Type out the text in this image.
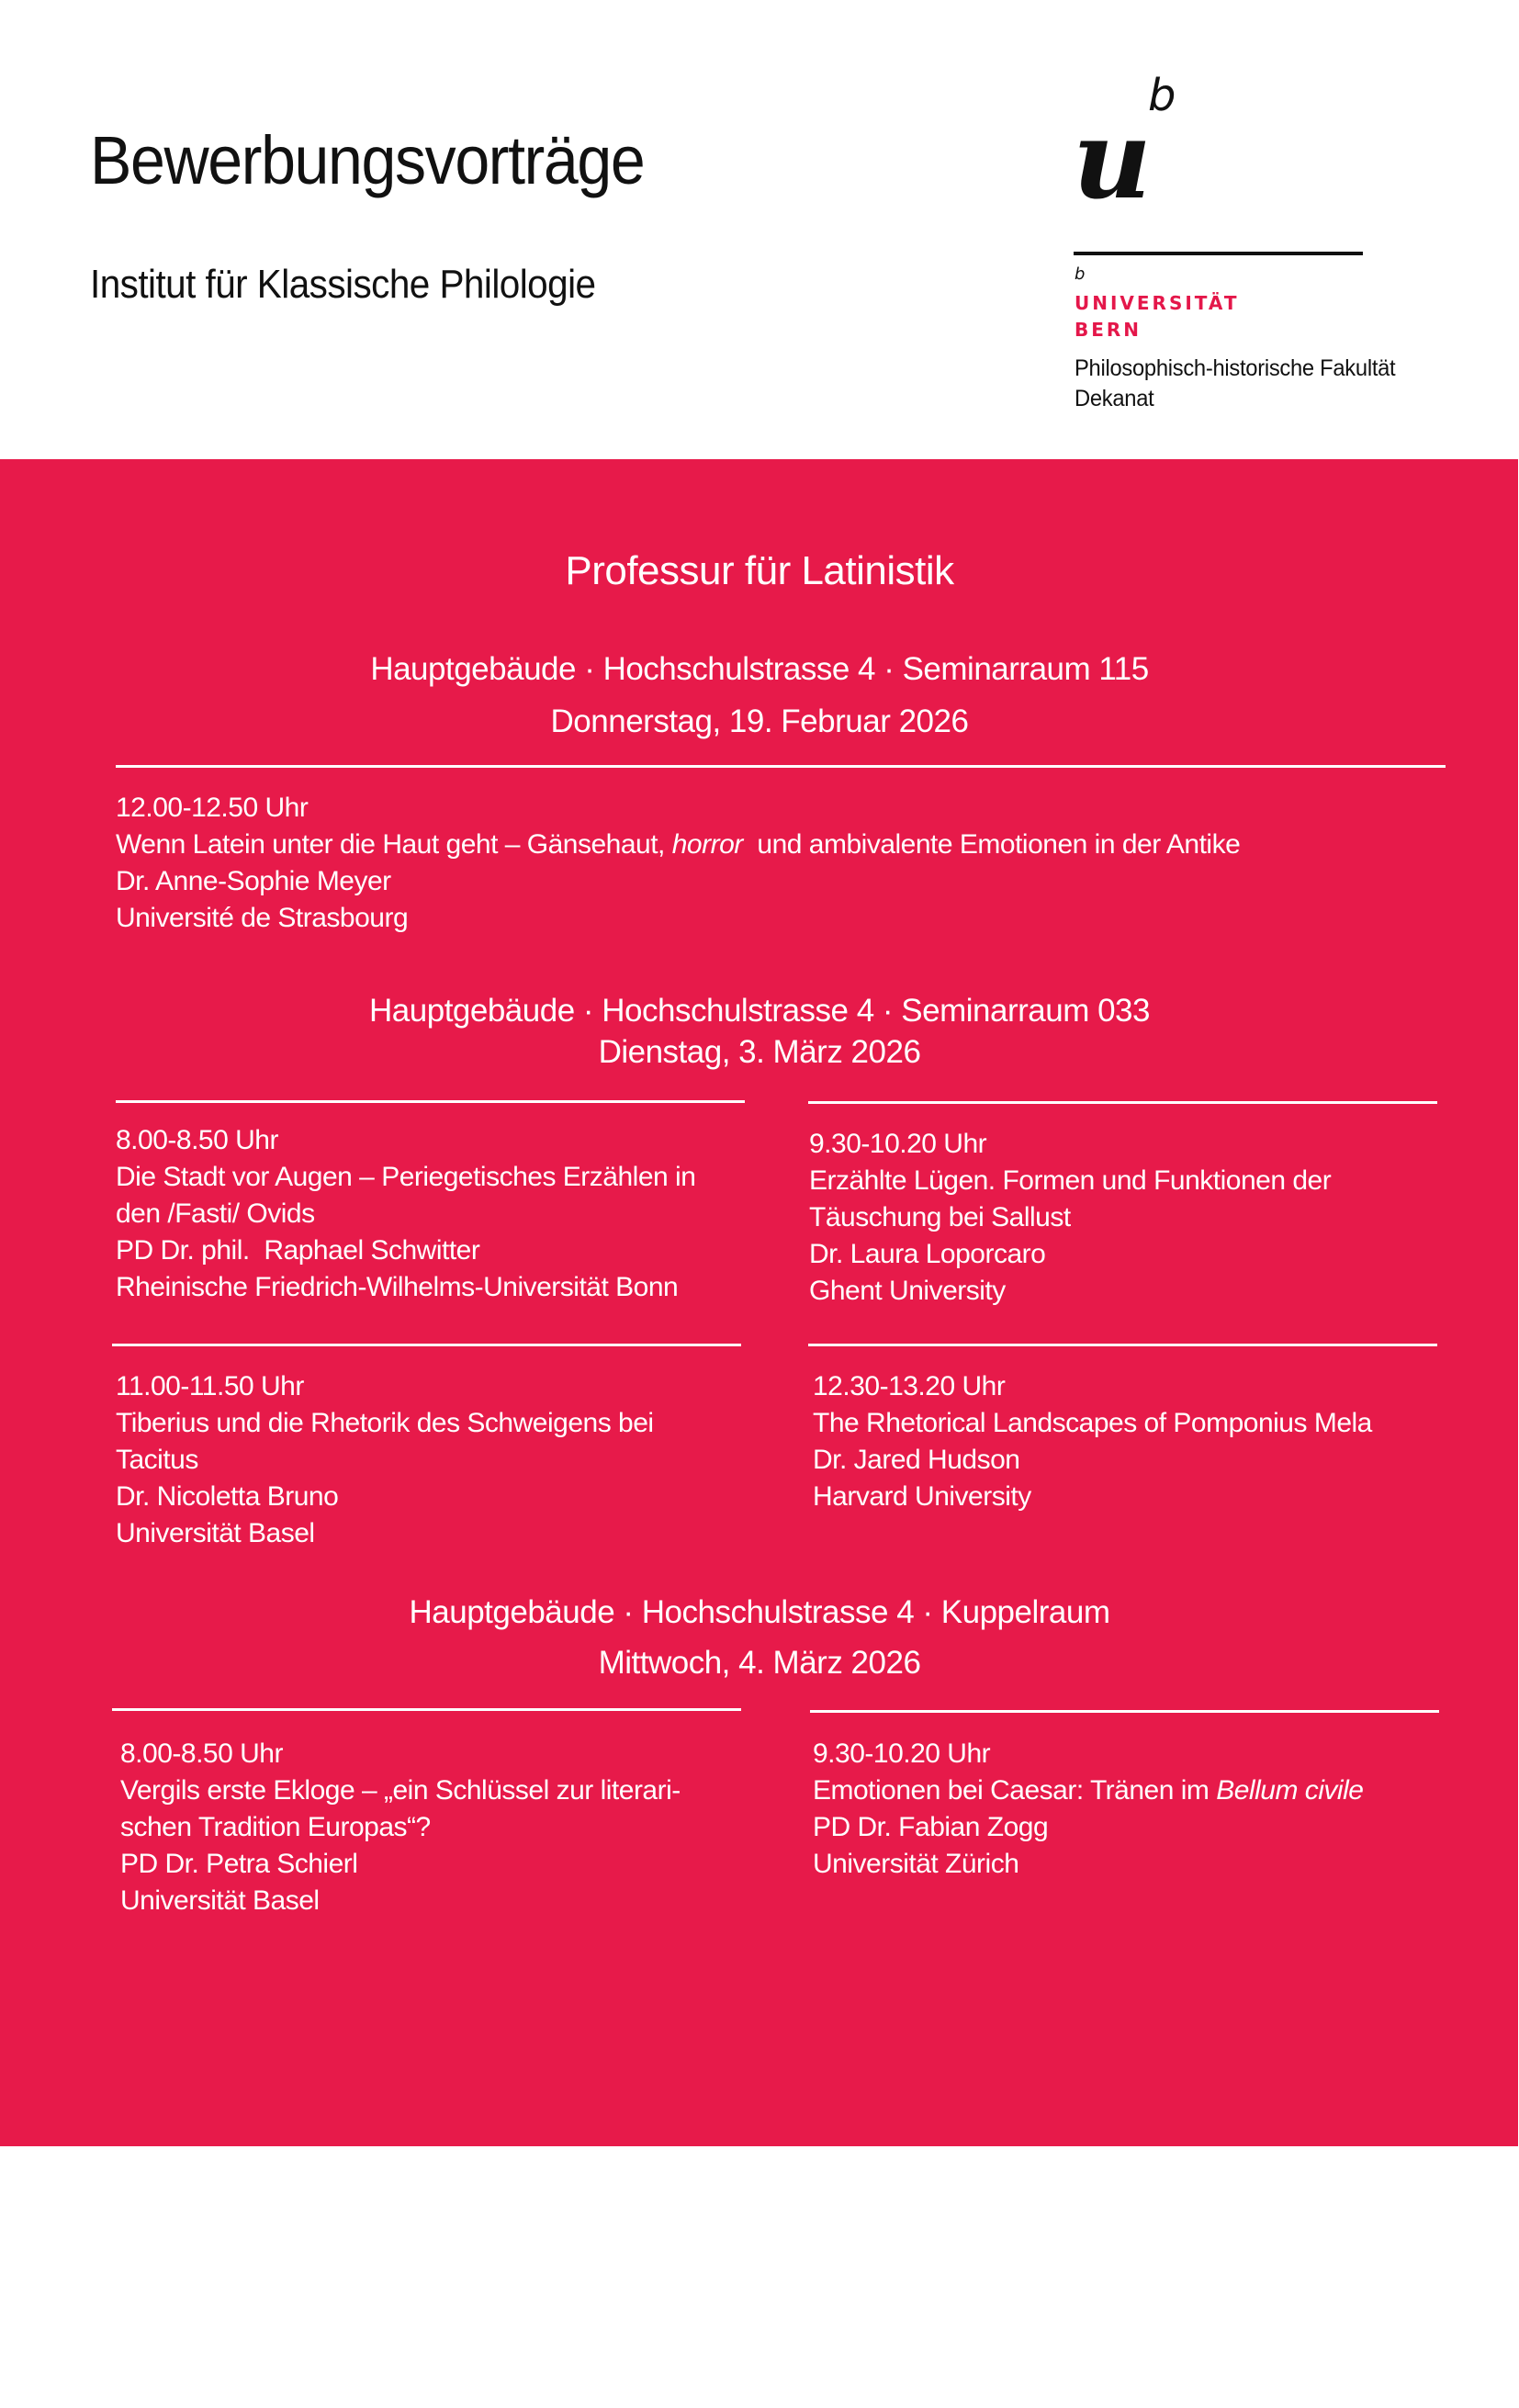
Bewerbungsvorträge
Institut für Klassische Philologie
u
b
b
UNIVERSITÄT
BERN
Philosophisch-historische Fakultät
Dekanat
Professur für Latinistik
Hauptgebäude · Hochschulstrasse 4 · Seminarraum 115
Donnerstag, 19. Februar 2026
12.00-12.50 Uhr
Wenn Latein unter die Haut geht – Gänsehaut, horror  und ambivalente Emotionen in der Antike
Dr. Anne-Sophie Meyer
Université de Strasbourg
Hauptgebäude · Hochschulstrasse 4 · Seminarraum 033
Dienstag, 3. März 2026
8.00-8.50 Uhr
Die Stadt vor Augen – Periegetisches Erzählen in
den /Fasti/ Ovids
PD Dr. phil.  Raphael Schwitter
Rheinische Friedrich-Wilhelms-Universität Bonn
9.30-10.20 Uhr
Erzählte Lügen. Formen und Funktionen der
Täuschung bei Sallust
Dr. Laura Loporcaro
Ghent University
11.00-11.50 Uhr
Tiberius und die Rhetorik des Schweigens bei
Tacitus
Dr. Nicoletta Bruno
Universität Basel
12.30-13.20 Uhr
The Rhetorical Landscapes of Pomponius Mela
Dr. Jared Hudson
Harvard University
Hauptgebäude · Hochschulstrasse 4 · Kuppelraum
Mittwoch, 4. März 2026
8.00-8.50 Uhr
Vergils erste Ekloge – „ein Schlüssel zur literari-
schen Tradition Europas“?
PD Dr. Petra Schierl
Universität Basel
9.30-10.20 Uhr
Emotionen bei Caesar: Tränen im Bellum civile
PD Dr. Fabian Zogg
Universität Zürich
